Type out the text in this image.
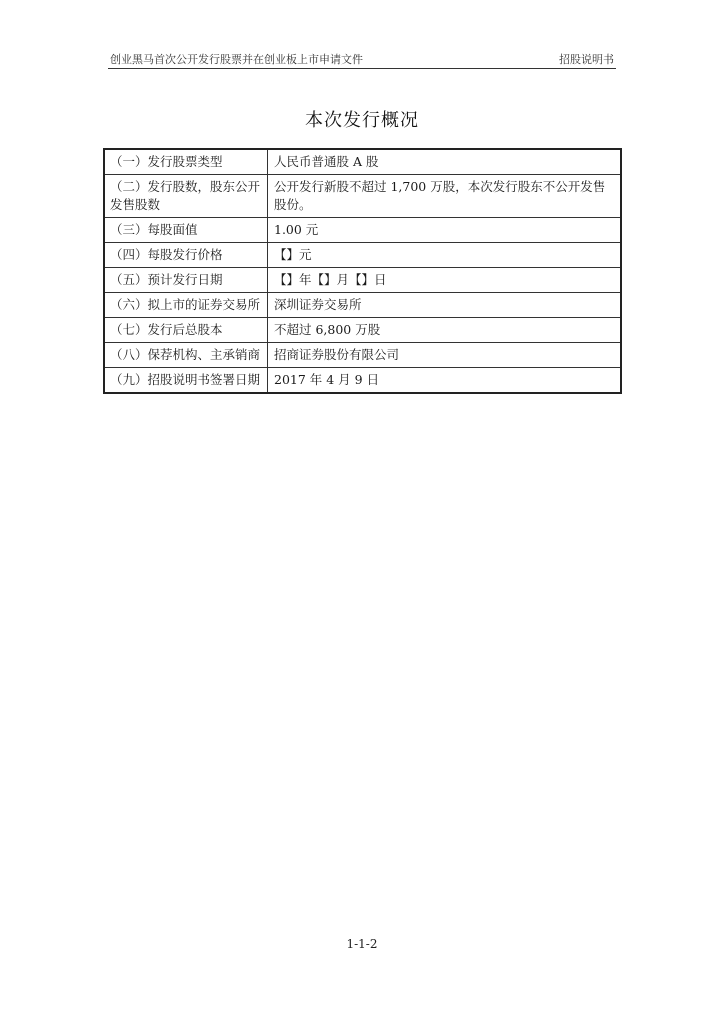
创业黑马首次公开发行股票并在创业板上市申请文件	招股说明书
本次发行概况
（一）发行股票类型	人民币普通股 A 股
（二）发行股数，股东公开发售股数	公开发行新股不超过 1,700 万股，本次发行股东不公开发售股份。
（三）每股面值	1.00 元
（四）每股发行价格	【】元
（五）预计发行日期	【】年【】月【】日
（六）拟上市的证券交易所	深圳证券交易所
（七）发行后总股本	不超过 6,800 万股
（八）保荐机构、主承销商	招商证券股份有限公司
（九）招股说明书签署日期	2017 年 4 月 9 日
1-1-2
